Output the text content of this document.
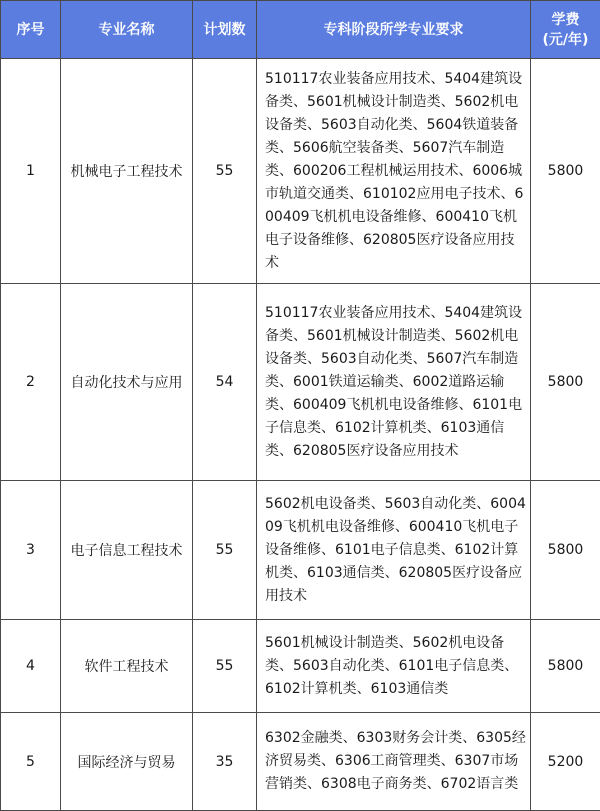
序号	专业名称	计划数	专科阶段所学专业要求	学费
(元/年)

1	机械电子工程技术	55	510117农业装备应用技术、5404建筑设备类、5601机械设计制造类、5602机电设备类、5603自动化类、5604铁道装备类、5606航空装备类、5607汽车制造类、600206工程机械运用技术、6006城市轨道交通类、610102应用电子技术、600409飞机机电设备维修、600410飞机电子设备维修、620805医疗设备应用技术	5800
2	自动化技术与应用	54	510117农业装备应用技术、5404建筑设备类、5601机械设计制造类、5602机电设备类、5603自动化类、5607汽车制造类、6001铁道运输类、6002道路运输类、600409飞机机电设备维修、6101电子信息类、6102计算机类、6103通信类、620805医疗设备应用技术	5800
3	电子信息工程技术	55	5602机电设备类、5603自动化类、600409飞机机电设备维修、600410飞机电子设备维修、6101电子信息类、6102计算机类、6103通信类、620805医疗设备应用技术	5800
4	软件工程技术	55	5601机械设计制造类、5602机电设备类、5603自动化类、6101电子信息类、6102计算机类、6103通信类	5800
5	国际经济与贸易	35	6302金融类、6303财务会计类、6305经济贸易类、6306工商管理类、6307市场营销类、6308电子商务类、6702语言类	5200
